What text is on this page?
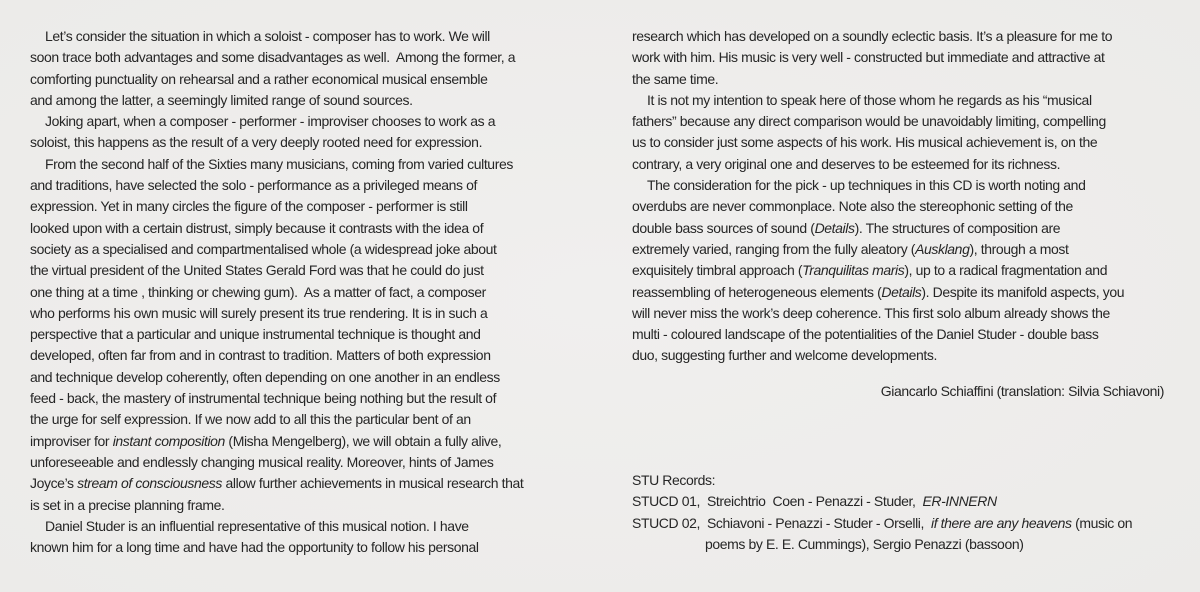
Let’s consider the situation in which a soloist - composer has to work. We will
soon trace both advantages and some disadvantages as well.  Among the former, a
comforting punctuality on rehearsal and a rather economical musical ensemble
and among the latter, a seemingly limited range of sound sources.
Joking apart, when a composer - performer - improviser chooses to work as a
soloist, this happens as the result of a very deeply rooted need for expression.
From the second half of the Sixties many musicians, coming from varied cultures
and traditions, have selected the solo - performance as a privileged means of
expression. Yet in many circles the figure of the composer - performer is still
looked upon with a certain distrust, simply because it contrasts with the idea of
society as a specialised and compartmentalised whole (a widespread joke about
the virtual president of the United States Gerald Ford was that he could do just
one thing at a time , thinking or chewing gum).  As a matter of fact, a composer
who performs his own music will surely present its true rendering. It is in such a
perspective that a particular and unique instrumental technique is thought and
developed, often far from and in contrast to tradition. Matters of both expression
and technique develop coherently, often depending on one another in an endless
feed - back, the mastery of instrumental technique being nothing but the result of
the urge for self expression. If we now add to all this the particular bent of an
improviser for instant composition (Misha Mengelberg), we will obtain a fully alive,
unforeseeable and endlessly changing musical reality. Moreover, hints of James
Joyce’s stream of consciousness allow further achievements in musical research that
is set in a precise planning frame.
Daniel Studer is an influential representative of this musical notion. I have
known him for a long time and have had the opportunity to follow his personal
research which has developed on a soundly eclectic basis. It’s a pleasure for me to
work with him. His music is very well - constructed but immediate and attractive at
the same time.
It is not my intention to speak here of those whom he regards as his “musical
fathers” because any direct comparison would be unavoidably limiting, compelling
us to consider just some aspects of his work. His musical achievement is, on the
contrary, a very original one and deserves to be esteemed for its richness.
The consideration for the pick - up techniques in this CD is worth noting and
overdubs are never commonplace. Note also the stereophonic setting of the
double bass sources of sound (Details). The structures of composition are
extremely varied, ranging from the fully aleatory (Ausklang), through a most
exquisitely timbral approach (Tranquilitas maris), up to a radical fragmentation and
reassembling of heterogeneous elements (Details). Despite its manifold aspects, you
will never miss the work’s deep coherence. This first solo album already shows the
multi - coloured landscape of the potentialities of the Daniel Studer - double bass
duo, suggesting further and welcome developments.
Giancarlo Schiaffini (translation: Silvia Schiavoni)
STU Records:
STUCD 01,  Streichtrio  Coen - Penazzi - Studer,  ER-INNERN
STUCD 02,  Schiavoni - Penazzi - Studer - Orselli,  if there are any heavens (music on
poems by E. E. Cummings), Sergio Penazzi (bassoon)
